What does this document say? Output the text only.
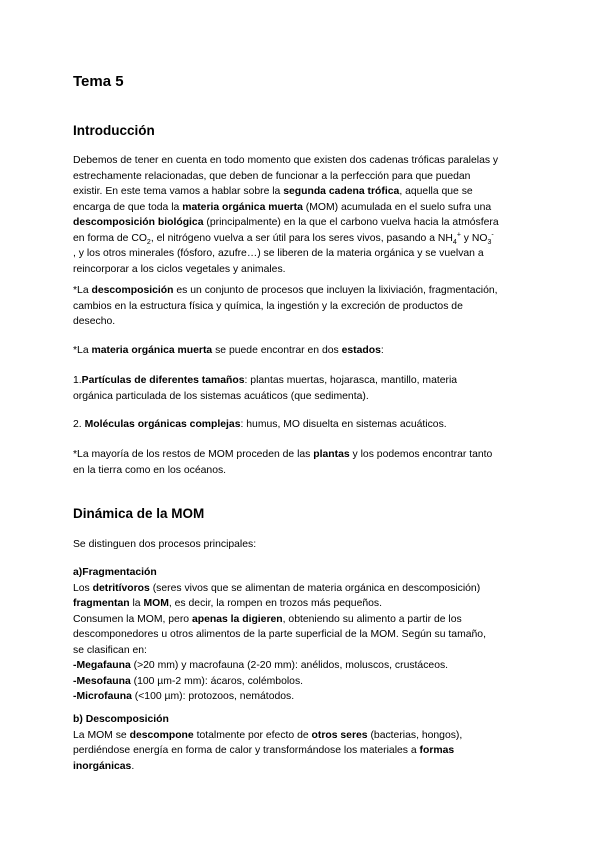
Tema 5
Introducción
Debemos de tener en cuenta en todo momento que existen dos cadenas tróficas paralelas y
estrechamente relacionadas, que deben de funcionar a la perfección para que puedan
existir. En este tema vamos a hablar sobre la segunda cadena trófica, aquella que se
encarga de que toda la materia orgánica muerta (MOM) acumulada en el suelo sufra una
descomposición biológica (principalmente) en la que el carbono vuelva hacia la atmósfera
en forma de $CO_2$, el nitrógeno vuelva a ser útil para los seres vivos, pasando a $NH_4^+$ y $NO_3^-$
, y los otros minerales (fósforo, azufre…) se liberen de la materia orgánica y se vuelvan a
reincorporar a los ciclos vegetales y animales.
*La descomposición es un conjunto de procesos que incluyen la lixiviación, fragmentación,
cambios en la estructura física y química, la ingestión y la excreción de productos de
desecho.
*La materia orgánica muerta se puede encontrar en dos estados:
1.Partículas de diferentes tamaños: plantas muertas, hojarasca, mantillo, materia
orgánica particulada de los sistemas acuáticos (que sedimenta).
2. Moléculas orgánicas complejas: humus, MO disuelta en sistemas acuáticos.
*La mayoría de los restos de MOM proceden de las plantas y los podemos encontrar tanto
en la tierra como en los océanos.
Dinámica de la MOM
Se distinguen dos procesos principales:
a)Fragmentación
Los detritívoros (seres vivos que se alimentan de materia orgánica en descomposición)
fragmentan la MOM, es decir, la rompen en trozos más pequeños.
Consumen la MOM, pero apenas la digieren, obteniendo su alimento a partir de los
descomponedores u otros alimentos de la parte superficial de la MOM. Según su tamaño,
se clasifican en:
-Megafauna (>20 mm) y macrofauna (2-20 mm): anélidos, moluscos, crustáceos.
-Mesofauna (100 µm-2 mm): ácaros, colémbolos.
-Microfauna (<100 µm): protozoos, nemátodos.
b) Descomposición
La MOM se descompone totalmente por efecto de otros seres (bacterias, hongos),
perdiéndose energía en forma de calor y transformándose los materiales a formas
inorgánicas.
